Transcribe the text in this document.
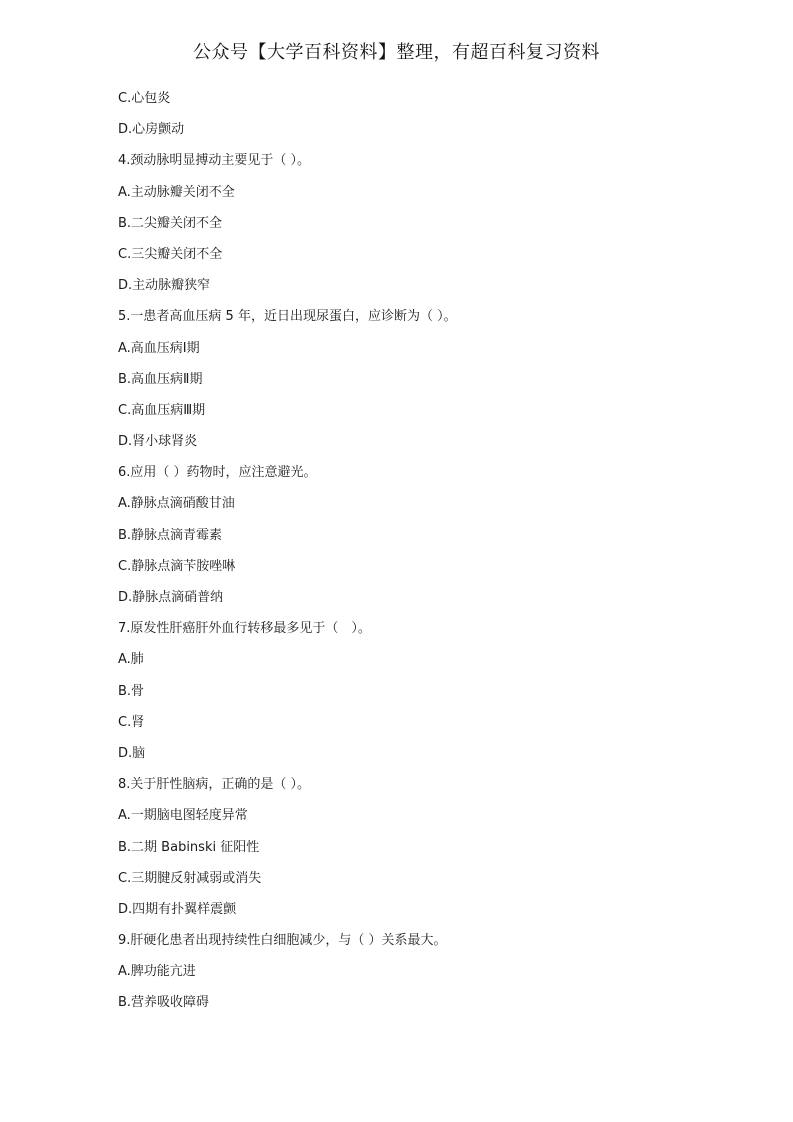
公众号【大学百科资料】整理，有超百科复习资料
C.心包炎
D.心房颤动
4.颈动脉明显搏动主要见于（ ）。
A.主动脉瓣关闭不全
B.二尖瓣关闭不全
C.三尖瓣关闭不全
D.主动脉瓣狭窄
5.一患者高血压病 5 年，近日出现尿蛋白，应诊断为（ ）。
A.高血压病Ⅰ期
B.高血压病Ⅱ期
C.高血压病Ⅲ期
D.肾小球肾炎
6.应用（ ）药物时，应注意避光。
A.静脉点滴硝酸甘油
B.静脉点滴青霉素
C.静脉点滴苄胺唑啉
D.静脉点滴硝普纳
7.原发性肝癌肝外血行转移最多见于（　）。
A.肺
B.骨
C.肾
D.脑
8.关于肝性脑病，正确的是（ ）。
A.一期脑电图轻度异常
B.二期 Babinski 征阳性
C.三期腱反射减弱或消失
D.四期有扑翼样震颤
9.肝硬化患者出现持续性白细胞减少，与（ ）关系最大。
A.脾功能亢进
B.营养吸收障碍
